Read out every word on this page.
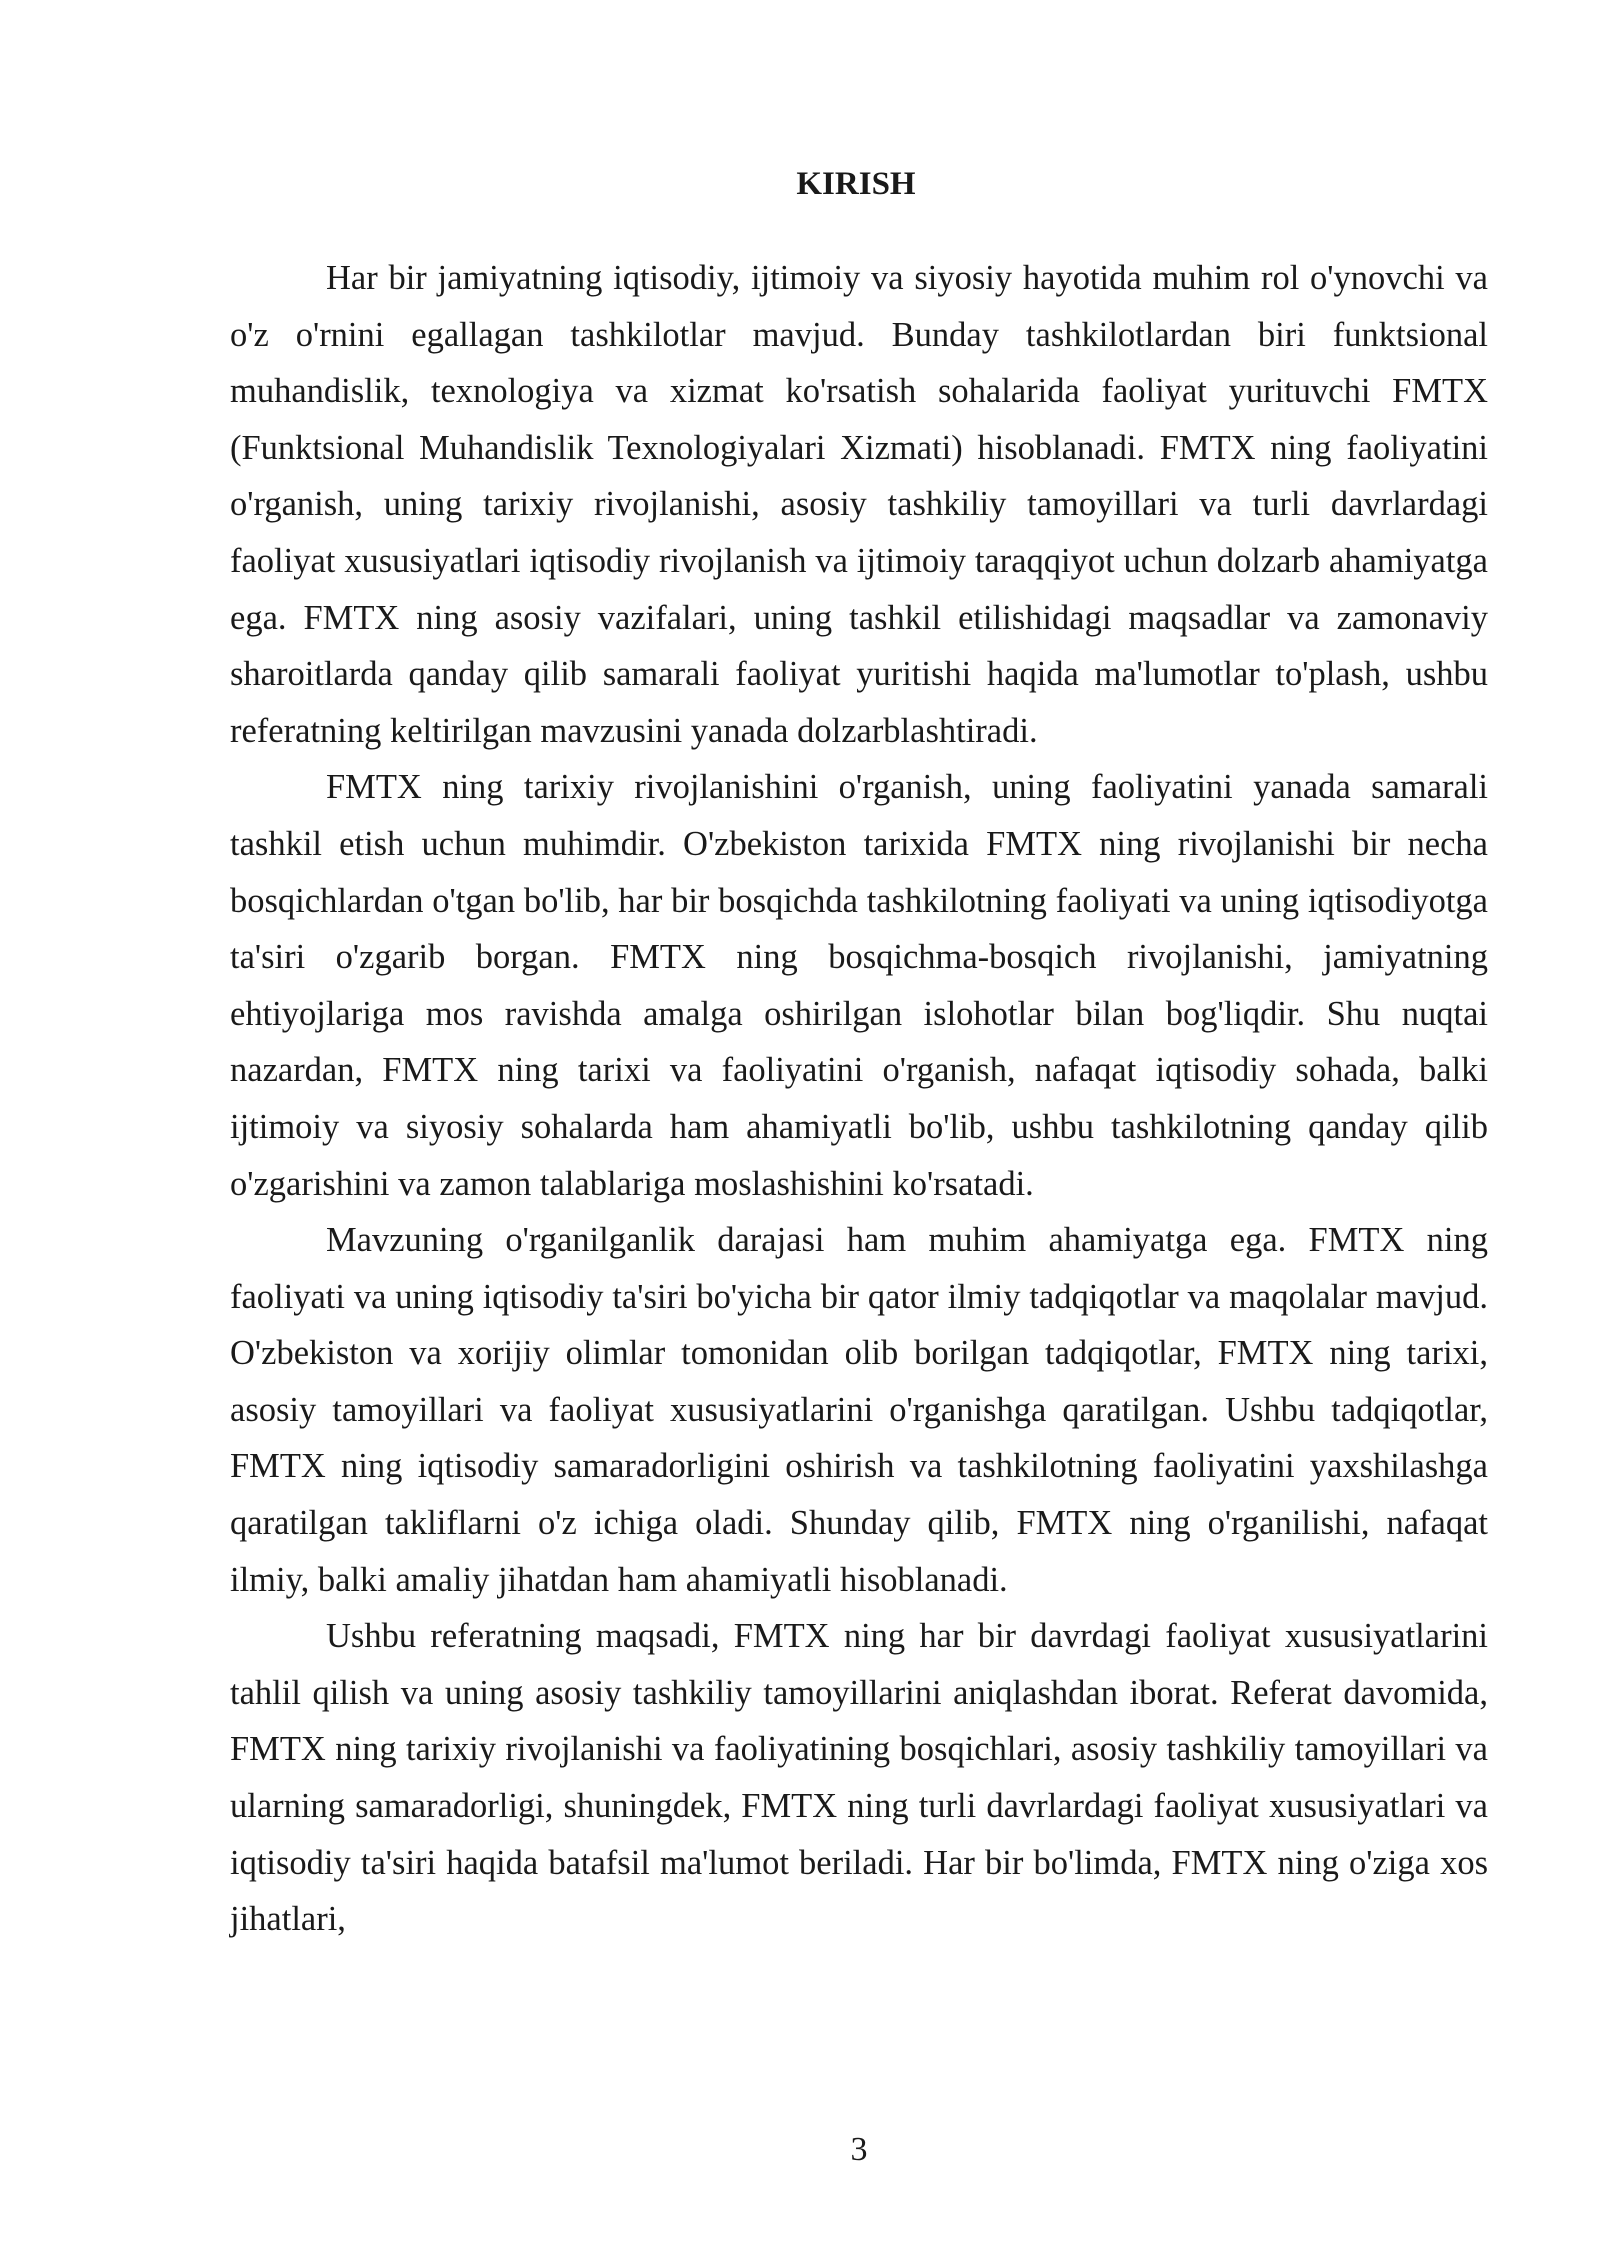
KIRISH

Har bir jamiyatning iqtisodiy, ijtimoiy va siyosiy hayotida muhim rol o'ynovchi va o'z o'rnini egallagan tashkilotlar mavjud. Bunday tashkilotlardan biri funktsional muhandislik, texnologiya va xizmat ko'rsatish sohalarida faoliyat yurituvchi FMTX (Funktsional Muhandislik Texnologiyalari Xizmati) hisoblanadi. FMTX ning faoliyatini o'rganish, uning tarixiy rivojlanishi, asosiy tashkiliy tamoyillari va turli davrlardagi faoliyat xususiyatlari iqtisodiy rivojlanish va ijtimoiy taraqqiyot uchun dolzarb ahamiyatga ega. FMTX ning asosiy vazifalari, uning tashkil etilishidagi maqsadlar va zamonaviy sharoitlarda qanday qilib samarali faoliyat yuritishi haqida ma'lumotlar to'plash, ushbu referatning keltirilgan mavzusini yanada dolzarblashtiradi.

FMTX ning tarixiy rivojlanishini o'rganish, uning faoliyatini yanada samarali tashkil etish uchun muhimdir. O'zbekiston tarixida FMTX ning rivojlanishi bir necha bosqichlardan o'tgan bo'lib, har bir bosqichda tashkilotning faoliyati va uning iqtisodiyotga ta'siri o'zgarib borgan. FMTX ning bosqichma-bosqich rivojlanishi, jamiyatning ehtiyojlariga mos ravishda amalga oshirilgan islohotlar bilan bog'liqdir. Shu nuqtai nazardan, FMTX ning tarixi va faoliyatini o'rganish, nafaqat iqtisodiy sohada, balki ijtimoiy va siyosiy sohalarda ham ahamiyatli bo'lib, ushbu tashkilotning qanday qilib o'zgarishini va zamon talablariga moslashishini ko'rsatadi.

Mavzuning o'rganilganlik darajasi ham muhim ahamiyatga ega. FMTX ning faoliyati va uning iqtisodiy ta'siri bo'yicha bir qator ilmiy tadqiqotlar va maqolalar mavjud. O'zbekiston va xorijiy olimlar tomonidan olib borilgan tadqiqotlar, FMTX ning tarixi, asosiy tamoyillari va faoliyat xususiyatlarini o'rganishga qaratilgan. Ushbu tadqiqotlar, FMTX ning iqtisodiy samaradorligini oshirish va tashkilotning faoliyatini yaxshilashga qaratilgan takliflarni o'z ichiga oladi. Shunday qilib, FMTX ning o'rganilishi, nafaqat ilmiy, balki amaliy jihatdan ham ahamiyatli hisoblanadi.

Ushbu referatning maqsadi, FMTX ning har bir davrdagi faoliyat xususiyatlarini tahlil qilish va uning asosiy tashkiliy tamoyillarini aniqlashdan iborat. Referat davomida, FMTX ning tarixiy rivojlanishi va faoliyatining bosqichlari, asosiy tashkiliy tamoyillari va ularning samaradorligi, shuningdek, FMTX ning turli davrlardagi faoliyat xususiyatlari va iqtisodiy ta'siri haqida batafsil ma'lumot beriladi. Har bir bo'limda, FMTX ning o'ziga xos jihatlari,

3
